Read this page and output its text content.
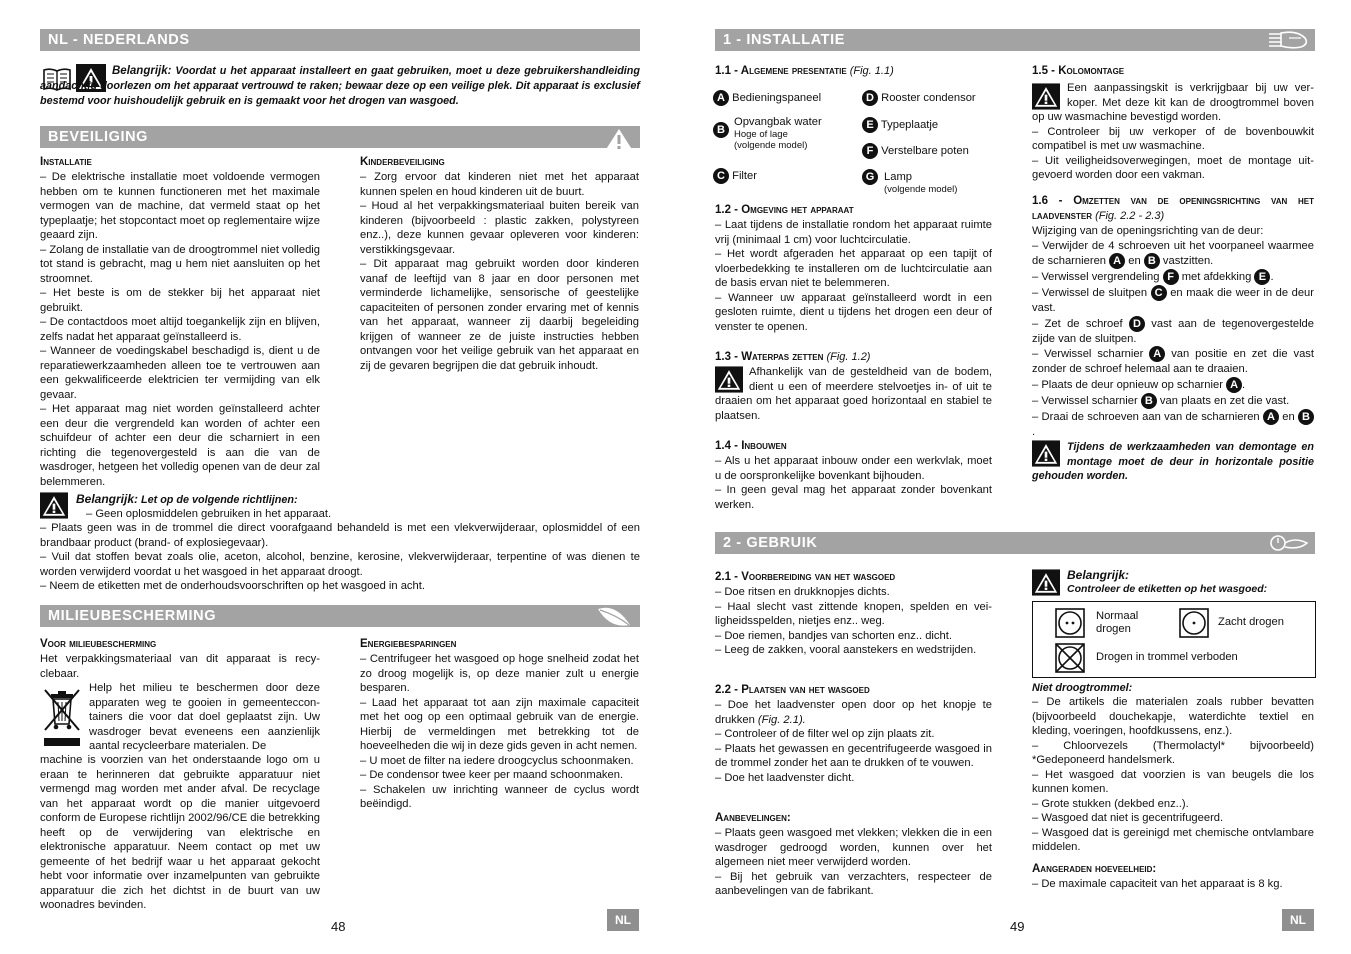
NL - NEDERLANDS
Belangrijk: Voordat u het apparaat installeert en gaat gebruiken, moet u deze gebruikershandleiding aandachtig doorlezen om het apparaat vertrouwd te raken; bewaar deze op een veilige plek. Dit apparaat is exclusief bestemd voor huishoudelijk gebruik en is gemaakt voor het drogen van wasgoed.
BEVEILIGING
Installatie

– De elektrische installatie moet voldoende vermogen hebben om te kunnen functioneren met het maximale vermogen van de machine, dat vermeld staat op het typeplaatje; het stopcontact moet op reglementaire wijze geaard zijn.

– Zolang de installatie van de droogtrommel niet volledig tot stand is gebracht, mag u hem niet aansluiten op het stroomnet.

– Het beste is om de stekker bij het apparaat niet gebruikt.

– De contactdoos moet altijd toegankelijk zijn en blijven, zelfs nadat het apparaat geïnstalleerd is.

– Wanneer de voedingskabel beschadigd is, dient u de reparatiewerkzaamheden alleen toe te vertrouwen aan een gekwalificeerde elektricien ter vermijding van elk gevaar.

– Het apparaat mag niet worden geïnstalleerd achter een deur die vergrendeld kan worden of achter een schuifdeur of achter een deur die scharniert in een richting die tegenovergesteld is aan die van de wasdroger, hetgeen het volledig openen van de deur zal belemmeren.

Kinderbeveiliging

– Zorg ervoor dat kinderen niet met het apparaat kunnen spelen en houd kinderen uit de buurt.

– Houd al het verpakkingsmateriaal buiten bereik van kinderen (bijvoorbeeld : plastic zakken, polystyreen enz..), deze kunnen gevaar opleveren voor kinderen: verstikkingsgevaar.

– Dit apparaat mag gebruikt worden door kinderen vanaf de leeftijd van 8 jaar en door personen met verminderde lichamelijke, sensorische of geestelijke capaciteiten of personen zonder ervaring met of kennis van het apparaat, wanneer zij daarbij begeleiding krijgen of wanneer ze de juiste instructies hebben ontvangen voor het veilige gebruik van het apparaat en zij de gevaren begrijpen die dat gebruik inhoudt.

Belangrijk: Let op de volgende richtlijnen:
– Geen oplosmiddelen gebruiken in het apparaat.

– Plaats geen was in de trommel die direct voorafgaand behandeld is met een vlekverwijderaar, oplosmiddel of een brandbaar product (brand- of explosiegevaar).

– Vuil dat stoffen bevat zoals olie, aceton, alcohol, benzine, kerosine, vlekverwijderaar, terpentine of was dienen te worden verwijderd voordat u het wasgoed in het apparaat droogt.

– Neem de etiketten met de onderhoudsvoorschriften op het wasgoed in acht.

MILIEUBESCHERMING
Voor milieubescherming
Het verpakkingsmateriaal van dit apparaat is recyclebaar.
Help het milieu te beschermen door deze apparaten weg te gooien in gemeenteccontainers die voor dat doel geplaatst zijn. Uw wasdroger bevat eveneens een aanzienlijk aantal recycleerbare materialen. De
machine is voorzien van het onderstaande logo om u eraan te herinneren dat gebruikte apparatuur niet vermengd mag worden met ander afval. De recyclage van het apparaat wordt op die manier uitgevoerd conform de Europese richtlijn 2002/96/CE die betrekking heeft op de verwijdering van elektrische en elektronische apparatuur. Neem contact op met uw gemeente of het bedrijf waar u het apparaat gekocht hebt voor informatie over inzamelpunten van gebruikte apparatuur die zich het dichtst in de buurt van uw woonadres bevinden.
Energiebesparingen

– Centrifugeer het wasgoed op hoge snelheid zodat het zo droog mogelijk is, op deze manier zult u energie besparen.

– Laad het apparaat tot aan zijn maximale capaciteit met het oog op een optimaal gebruik van de energie. Hierbij de vermeldingen met betrekking tot de hoeveelheden die wij in deze gids geven in acht nemen.

– U moet de filter na iedere droogcyclus schoonmaken.

– De condensor twee keer per maand schoonmaken.

– Schakelen uw inrichting wanneer de cyclus wordt beëindigd.

48	NL
1 - INSTALLATIE
1.1 - Algemene presentatie (Fig. 1.1)
A Bedieningspaneel
B
Opvangbak water
Hoge of lage
(volgende model)
C Filter
D Rooster condensor
E Typeplaatje
F Verstelbare poten
G Lamp
(volgende model)
1.2 - Omgeving het apparaat

– Laat tijdens de installatie rondom het apparaat ruimte vrij (minimaal 1 cm) voor luchtcirculatie.

– Het wordt afgeraden het apparaat op een tapijt of vloerbedekking te installeren om de luchtcirculatie aan de basis ervan niet te belemmeren.

– Wanneer uw apparaat geïnstalleerd wordt in een gesloten ruimte, dient u tijdens het drogen een deur of venster te openen.

1.3 - Waterpas zetten (Fig. 1.2)
Afhankelijk van de gesteldheid van de bodem, dient u een of meerdere stelvoetjes in- of uit te draaien om het apparaat goed horizontaal en stabiel te plaatsen.
1.4 - Inbouwen

– Als u het apparaat inbouw onder een werkvlak, moet u de oorspronkelijke bovenkant bijhouden.

– In geen geval mag het apparaat zonder bovenkant werken.

1.5 - Kolomontage

Een aanpassingskit is verkrijgbaar bij uw verkoper. Met deze kit kan de droogtrommel boven op uw wasmachine bevestigd worden.

– Controleer bij uw verkoper of de bovenbouwkit compatibel is met uw wasmachine.

– Uit veiligheidsoverwegingen, moet de montage uitgevoerd worden door een vakman.

1.6 - Omzetten van de openingsrichting van het laadvenster (Fig. 2.2 - 2.3)

Wijziging van de openingsrichting van de deur:

– Verwijder de 4 schroeven uit het voorpaneel waarmee de scharnieren A en B vastzitten.

– Verwissel vergrendeling F met afdekking E .

– Verwissel de sluitpen C en maak die weer in de deur vast.

– Zet de schroef D vast aan de tegenovergestelde zijde van de sluitpen.

– Verwissel scharnier A van positie en zet die vast zonder de schroef helemaal aan te draaien.

– Plaats de deur opnieuw op scharnier A .

– Verwissel scharnier B van plaats en zet die vast.

– Draai de schroeven aan van de scharnieren A en B.

Tijdens de werkzaamheden van demontage en montage moet de deur in horizontale positie gehouden worden.
2 - GEBRUIK
2.1 - Voorbereiding van het wasgoed

– Doe ritsen en drukknopjes dichts.

– Haal slecht vast zittende knopen, spelden en veiligheidsspelden, nietjes enz.. weg.

– Doe riemen, bandjes van schorten enz.. dicht.

– Leeg de zakken, vooral aanstekers en wedstrijden.

2.2 - Plaatsen van het wasgoed

– Doe het laadvenster open door op het knopje te drukken (Fig. 2.1).

– Controleer of de filter wel op zijn plaats zit.

– Plaats het gewassen en gecentrifugeerde wasgoed in de trommel zonder het aan te drukken of te vouwen.

– Doe het laadvenster dicht.

Aanbevelingen:

– Plaats geen wasgoed met vlekken; vlekken die in een wasdroger gedroogd worden, kunnen over het algemeen niet meer verwijderd worden.

– Bij het gebruik van verzachters, respecteer de aanbevelingen van de fabrikant.

Belangrijk:
Controleer de etiketten op het wasgoed:
Normaal drogen
Zacht drogen
Drogen in trommel verboden
Niet droogtrommel:

– De artikels die materialen zoals rubber bevatten (bijvoorbeeld douchekapje, waterdichte textiel en kleding, voeringen, hoofdkussens, enz.).

– Chloorvezels (Thermolactyl* bijvoorbeeld) *Gedeponeerd handelsmerk.

– Het wasgoed dat voorzien is van beugels die los kunnen komen.

– Grote stukken (dekbed enz..).

– Wasgoed dat niet is gecentrifugeerd.

– Wasgoed dat is gereinigd met chemische ontvlambare middelen.

Aangeraden hoeveelheid:
– De maximale capaciteit van het apparaat is 8 kg.
49	NL
